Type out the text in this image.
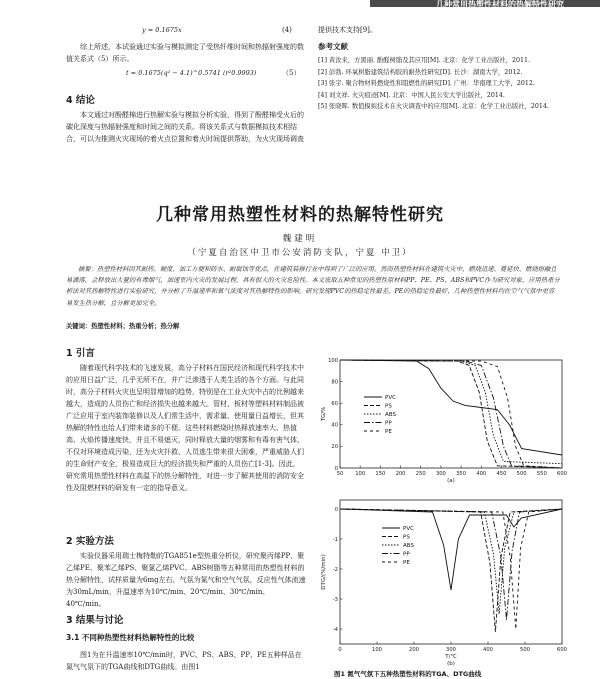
几种常用热塑性材料的热解特性研究
y = 0.1675x	(4)
综上所述，本试验通过实验与模拟测定了受热纤维时间和热辐射强度的数值关系式（5）所示。
t = 0.1675(q² − 4.1)^0.5741 (r²0.9993)	（5）
4 结论
本文通过对酚醛棉进行热解实验与模拟分析实验，得到了酚醛棉受火后的碳化深度与热辐射强度和时间之间的关系。将该关系式与数据模拟技术相结合，可以为推测火灾现场的着火点位置和着火时间提供帮助，为火灾现场调查
提供技术支持[9]。
参考文献
[1] 黄汝来，方黑丽. 酚醛树脂及其应用[M]. 北京：化学工业出版社，2011.
[2] 彭勃. 环氧树脂建筑结构胶的耐热性研究[D]. 长沙：湖南大学，2012.
[3] 张宇. 聚合物材料燃烧性和阻燃性的研究[D]. 广州：华南理工大学，2012.
[4] 刘文祥. 火灾痕迹[M]. 北京：中国人民公安大学出版社，2014.
[5] 张晓晖. 数值模拟技术在火灾调查中的应用[M]. 北京：化学工业出版社，2014.
几种常用热塑性材料的热解特性研究
魏建明
（宁夏自治区中卫市公安消防支队，宁夏 中卫）
摘要：热塑性材料因其耐热、硬度、加工方便和防水、耐腐蚀等优点，在建筑装修行业中得到了广泛的应用。然而热塑性材料在建筑火灾中，燃烧迅速、蔓延快、燃烧熔融且易滴落，会释放出大量的有毒烟气，加速室内火灾的发展过程，具有很大的火灾危险性。本文选取五种常见的热塑性原材料PP、PE、PS、ABS和PVC作为研究对象，应用热重分析法对其热解特性进行实验研究，并分析了升温速率和氧气浓度对其热解特性的影响。研究发现PVC的热稳定性最差，PE的热稳定性最好，几种热塑性材料均在空气气氛中更容易发生热分解，且分解更加完全。
关键词：热塑性材料；热重分析；热分解
1 引言
随着现代科学技术的飞速发展，高分子材料在国民经济和现代科学技术中的应用日益广泛，几乎无所不在，并广泛渗透于人类生活的各个方面。与此同时，高分子材料火灾也呈明显增加的趋势，特别是在工业火灾中占的比例越来越大，造成的人员伤亡和经济损失也越来越大。管材、板材等塑料材料制品被广泛应用于室内装饰装修以及人们常生活中，需求量、使用量日益增长，但其热解的特性也给人们带来诸多的不便。这些材料燃烧时热释放速率大、热值高、火焰传播速度快，并且不易熄灭，同时释放大量的烟雾和有毒有害气体，不仅对环境造成污染，还为火灾扑救、人员逃生带来很大困难，严重威胁人们的生命财产安全，极易造成巨大的经济损失和严重的人员伤亡[1-3]。因此，研究常用热塑性材料在高温下的热分解特性，对进一步了解其使用的消防安全性及阻燃材料的研发有一定的指导意义。
2 实验方法
实验仪器采用瑞士梅特勒的TGA851e型热重分析仪，研究聚丙烯PP、聚乙烯PE、聚苯乙烯PS、聚氯乙烯PVC、ABS树脂等五种常用的热塑性材料的热分解特性，试样质量为6mg左右，气氛为氮气和空气气氛，反应性气体流速为30mL/min，升温速率为10℃/min、20℃/min、30℃/min、40℃/min。
3 结果与讨论
3.1 不同种热塑性材料热解特性的比较
图1为在升温速率10℃/min时，PVC、PS、ABS、PP、PE五种样品在氮气气氛下的TGA曲线和DTG曲线。由图1
50 100 150 200 250 300 350 400 450 500 550 600
0
20
40
60
80
100
TG/%
(a)
PVC
PS
ABS
PP
PE
0	100	200	300	400	500	600
0
-1
-2
-3
-4
DTG/(%/min)
T/℃
(b)
PVC
PS
ABS
PP
PE
图1 氮气气氛下五种热塑性材料的TGA、DTG曲线
